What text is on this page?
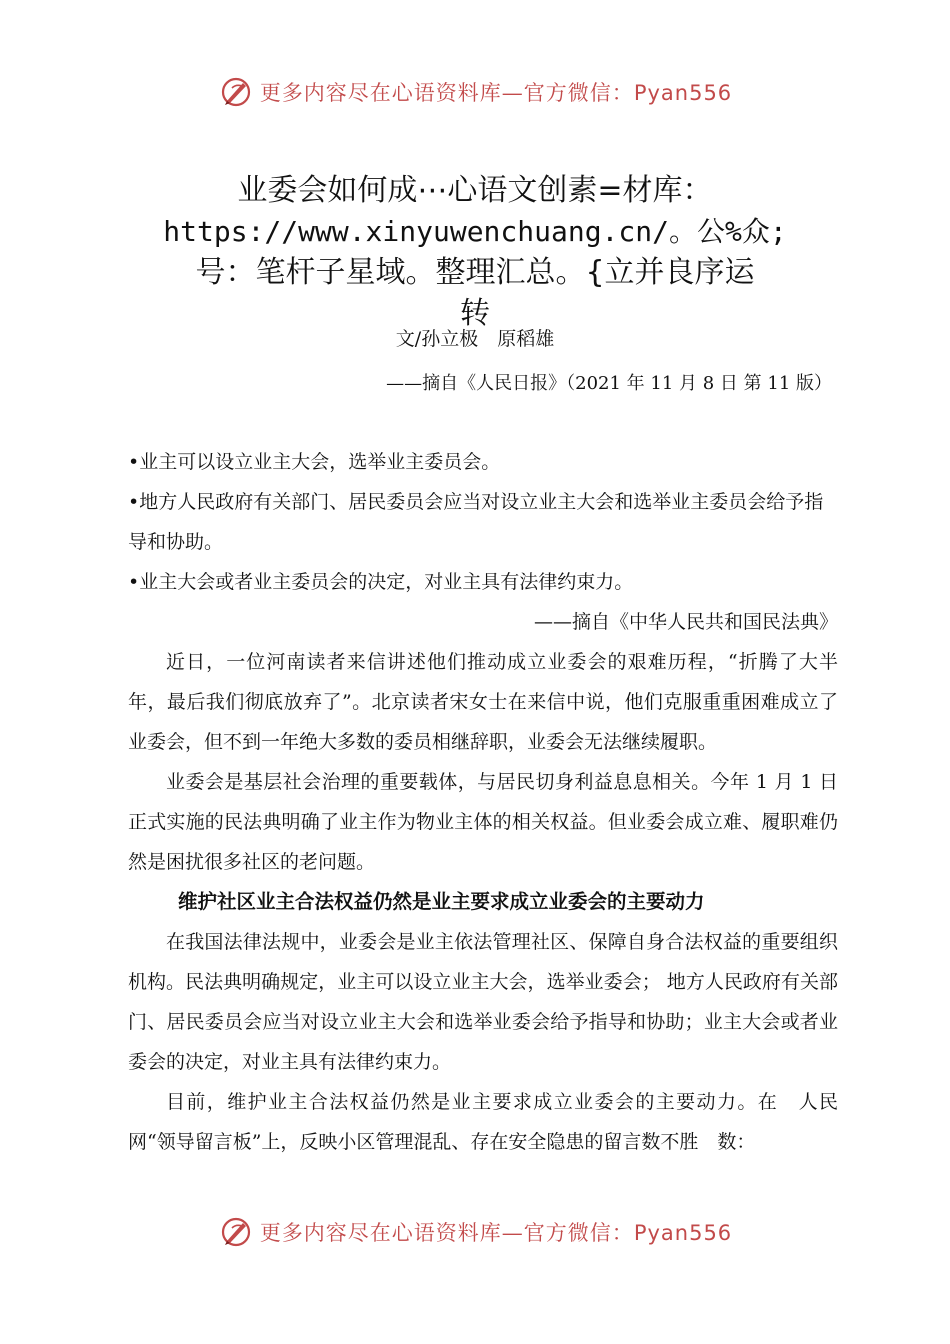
更多内容尽在心语资料库—官方微信：Pyan556
业委会如何成⋯心语文创素=材库：
https://www.xinyuwenchuang.cn/。公%众;
号：笔杆子星域。整理汇总。{立并良序运
转
文/孙立极　原稻雄
——摘自《人民日报》（2021 年 11 月 8 日 第 11 版）

•业主可以设立业主大会，选举业主委员会。

•地方人民政府有关部门、居民委员会应当对设立业主大会和选举业主委员会给予指导和协助。

•业主大会或者业主委员会的决定，对业主具有法律约束力。

——摘自《中华人民共和国民法典》

近日，一位河南读者来信讲述他们推动成立业委会的艰难历程，“折腾了大半年，最后我们彻底放弃了”。北京读者宋女士在来信中说，他们克服重重困难成立了业委会，但不到一年绝大多数的委员相继辞职，业委会无法继续履职。

业委会是基层社会治理的重要载体，与居民切身利益息息相关。今年 1 月 1 日正式实施的民法典明确了业主作为物业主体的相关权益。但业委会成立难、履职难仍然是困扰很多社区的老问题。

维护社区业主合法权益仍然是业主要求成立业委会的主要动力

在我国法律法规中，业委会是业主依法管理社区、保障自身合法权益的重要组织机构。民法典明确规定，业主可以设立业主大会，选举业委会； 地方人民政府有关部门、居民委员会应当对设立业主大会和选举业委会给予指导和协助；业主大会或者业委会的决定，对业主具有法律约束力。

目前，维护业主合法权益仍然是业主要求成立业委会的主要动力。在　人民网“领导留言板”上，反映小区管理混乱、存在安全隐患的留言数不胜　数：

更多内容尽在心语资料库—官方微信：Pyan556
